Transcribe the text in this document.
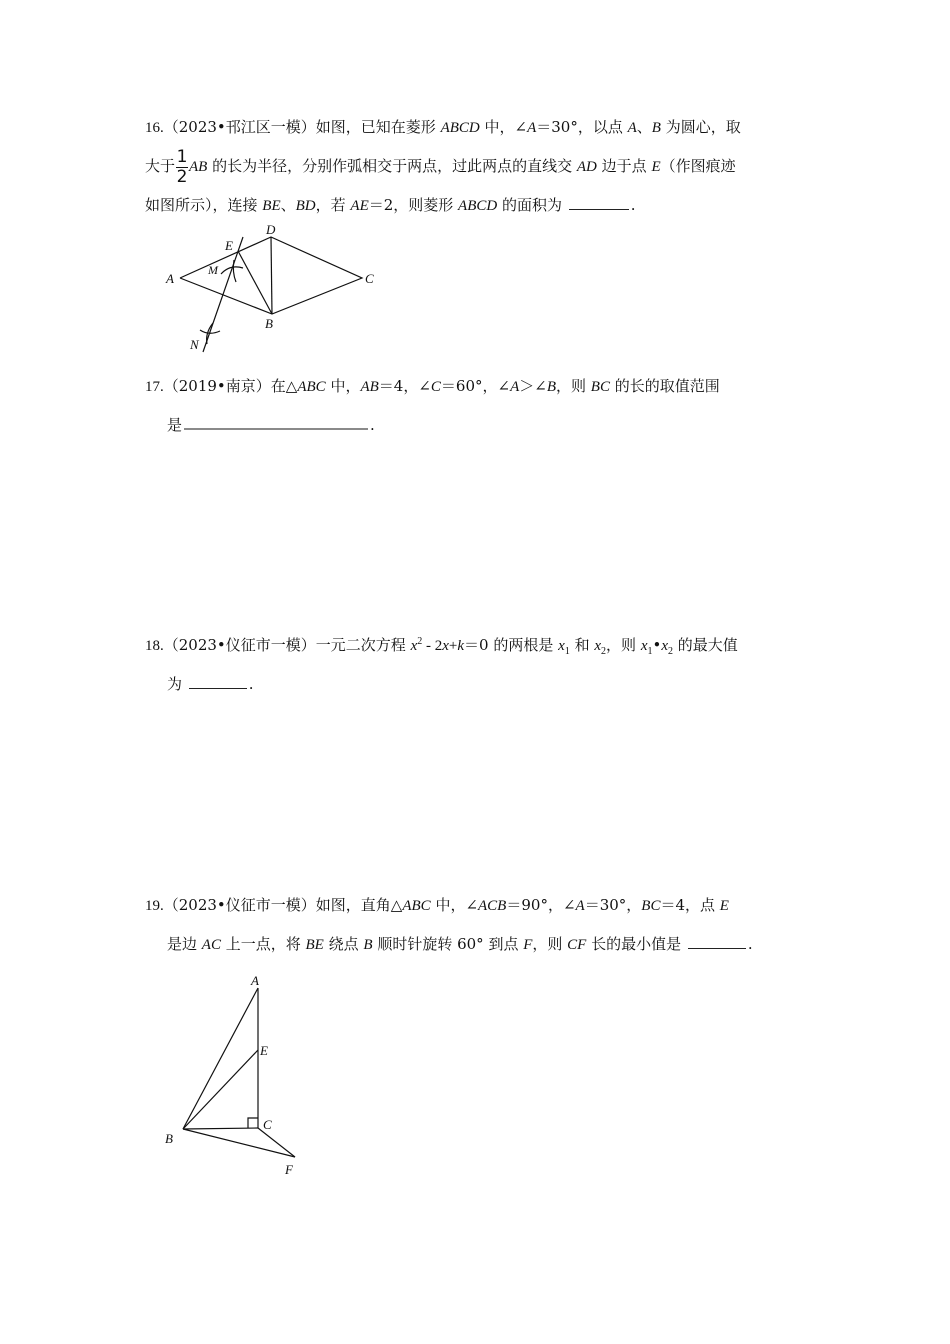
16.（2023•邗江区一模）如图，已知在菱形 ABCD 中，∠A＝30°，以点 A、B 为圆心，取

大于 $\frac{1}{2}$ AB 的长为半径，分别作弧相交于两点，过此两点的直线交 AD 边于点 E（作图痕迹

如图所示），连接 BE、BD，若 AE＝2，则菱形 ABCD 的面积为	.

A
E
D
M
C
B
N

17.（2019•南京）在△ABC 中，AB＝4，∠C＝60°，∠A＞∠B，则 BC 的长的取值范围

是	.

18.（2023•仪征市一模）一元二次方程 $x^2 - 2x+k=0$ 的两根是 $x_1$ 和 $x_2$，则 $x_1•x_2$ 的最大值

为	.

19.（2023•仪征市一模）如图，直角△ABC 中，∠ACB＝90°，∠A＝30°，BC＝4，点 E

是边 AC 上一点，将 BE 绕点 B 顺时针旋转 60° 到点 F，则 CF 长的最小值是	.

A
E
C
B
F
